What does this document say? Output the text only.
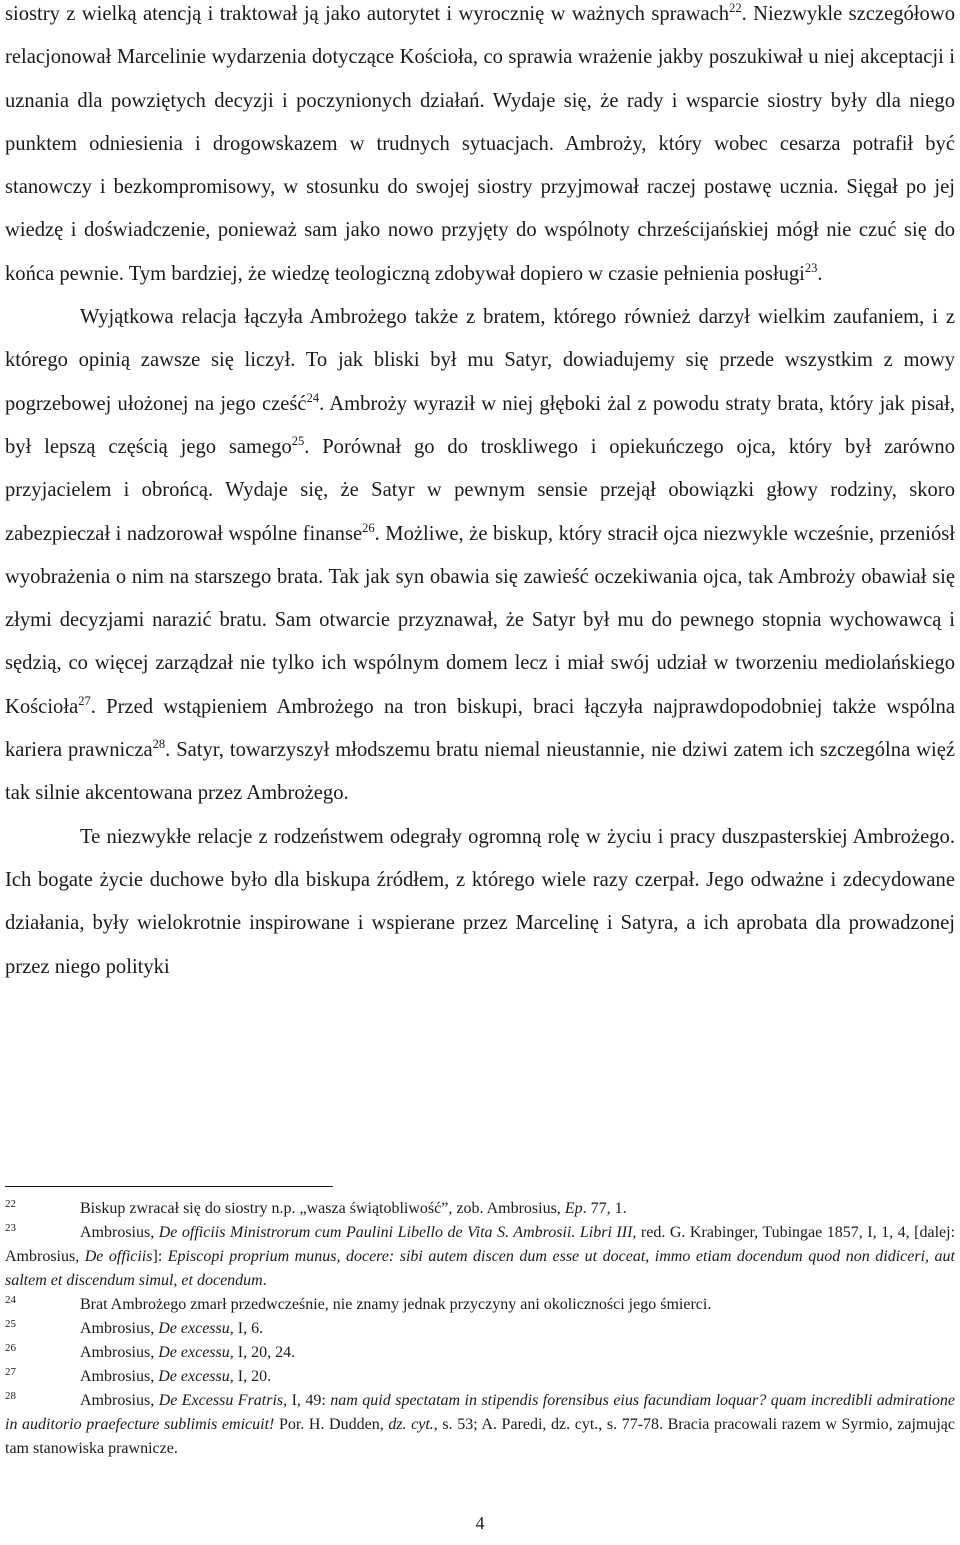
siostry z wielką atencją i traktował ją jako autorytet i wyrocznię w ważnych sprawach$^{22}$. Niezwykle szczegółowo relacjonował Marcelinie wydarzenia dotyczące Kościoła, co sprawia wrażenie jakby poszukiwał u niej akceptacji i uznania dla powziętych decyzji i poczynionych działań. Wydaje się, że rady i wsparcie siostry były dla niego punktem odniesienia i drogowskazem w trudnych sytuacjach. Ambroży, który wobec cesarza potrafił być stanowczy i bezkompromisowy, w stosunku do swojej siostry przyjmował raczej postawę ucznia. Sięgał po jej wiedzę i doświadczenie, ponieważ sam jako nowo przyjęty do wspólnoty chrześcijańskiej mógł nie czuć się do końca pewnie. Tym bardziej, że wiedzę teologiczną zdobywał dopiero w czasie pełnienia posługi$^{23}$.

Wyjątkowa relacja łączyła Ambrożego także z bratem, którego również darzył wielkim zaufaniem, i z którego opinią zawsze się liczył. To jak bliski był mu Satyr, dowiadujemy się przede wszystkim z mowy pogrzebowej ułożonej na jego cześć$^{24}$. Ambroży wyraził w niej głęboki żal z powodu straty brata, który jak pisał, był lepszą częścią jego samego$^{25}$. Porównał go do troskliwego i opiekuńczego ojca, który był zarówno przyjacielem i obrońcą. Wydaje się, że Satyr w pewnym sensie przejął obowiązki głowy rodziny, skoro zabezpieczał i nadzorował wspólne finanse$^{26}$. Możliwe, że biskup, który stracił ojca niezwykle wcześnie, przeniósł wyobrażenia o nim na starszego brata. Tak jak syn obawia się zawieść oczekiwania ojca, tak Ambroży obawiał się złymi decyzjami narazić bratu. Sam otwarcie przyznawał, że Satyr był mu do pewnego stopnia wychowawcą i sędzią, co więcej zarządzał nie tylko ich wspólnym domem lecz i miał swój udział w tworzeniu mediolańskiego Kościoła$^{27}$. Przed wstąpieniem Ambrożego na tron biskupi, braci łączyła najprawdopodobniej także wspólna kariera prawnicza$^{28}$. Satyr, towarzyszył młodszemu bratu niemal nieustannie, nie dziwi zatem ich szczególna więź tak silnie akcentowana przez Ambrożego.

Te niezwykłe relacje z rodzeństwem odegrały ogromną rolę w życiu i pracy duszpasterskiej Ambrożego. Ich bogate życie duchowe było dla biskupa źródłem, z którego wiele razy czerpał. Jego odważne i zdecydowane działania, były wielokrotnie inspirowane i wspierane przez Marcelinę i Satyra, a ich aprobata dla prowadzonej przez niego polityki

22	Biskup zwracał się do siostry n.p. „wasza świątobliwość”, zob. Ambrosius, Ep. 77, 1.

23	Ambrosius, De officiis Ministrorum cum Paulini Libello de Vita S. Ambrosii. Libri III, red. G. Krabinger, Tubingae 1857, I, 1, 4, [dalej: Ambrosius, De officiis]: Episcopi proprium munus, docere: sibi autem discen dum esse ut doceat, immo etiam docendum quod non didiceri, aut saltem et discendum simul, et docendum.

24	Brat Ambrożego zmarł przedwcześnie, nie znamy jednak przyczyny ani okoliczności jego śmierci.

25	Ambrosius, De excessu, I, 6.

26	Ambrosius, De excessu, I, 20, 24.

27	Ambrosius, De excessu, I, 20.

28	Ambrosius, De Excessu Fratris, I, 49: nam quid spectatam in stipendis forensibus eius facundiam loquar? quam incredibli admiratione in auditorio praefecture sublimis emicuit! Por. H. Dudden, dz. cyt., s. 53; A. Paredi, dz. cyt., s. 77-78. Bracia pracowali razem w Syrmio, zajmując tam stanowiska prawnicze.

4
